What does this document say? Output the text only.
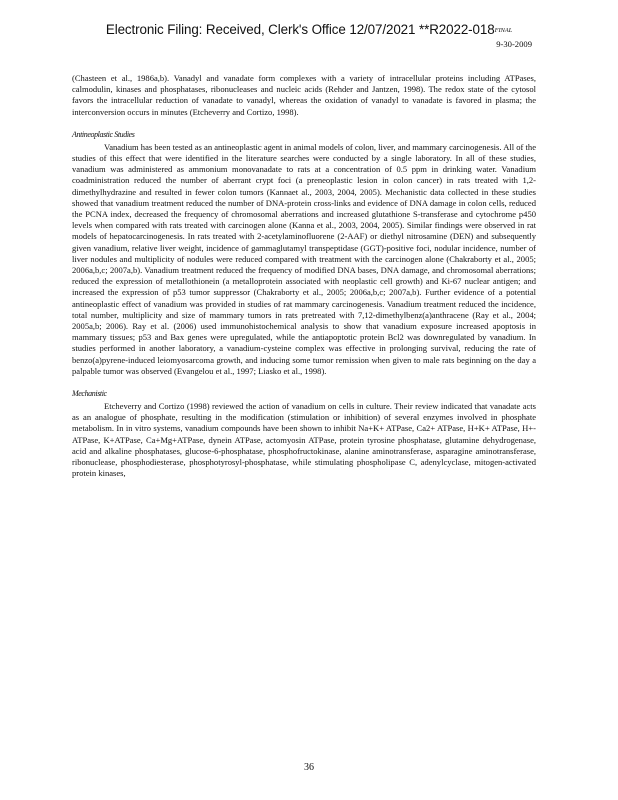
Electronic Filing: Received, Clerk's Office 12/07/2021 $**R2022-018^{FINAL}$
9-30-2009
(Chasteen et al., 1986a,b). Vanadyl and vanadate form complexes with a variety of intracellular proteins including ATPases, calmodulin, kinases and phosphatases, ribonucleases and nucleic acids (Rehder and Jantzen, 1998). The redox state of the cytosol favors the intracellular reduction of vanadate to vanadyl, whereas the oxidation of vanadyl to vanadate is favored in plasma; the interconversion occurs in minutes (Etcheverry and Cortizo, 1998).
Antineoplastic Studies
Vanadium has been tested as an antineoplastic agent in animal models of colon, liver, and mammary carcinogenesis. All of the studies of this effect that were identified in the literature searches were conducted by a single laboratory. In all of these studies, vanadium was administered as ammonium monovanadate to rats at a concentration of 0.5 ppm in drinking water. Vanadium coadministration reduced the number of aberrant crypt foci (a preneoplastic lesion in colon cancer) in rats treated with 1,2-dimethylhydrazine and resulted in fewer colon tumors (Kannaet al., 2003, 2004, 2005). Mechanistic data collected in these studies showed that vanadium treatment reduced the number of DNA-protein cross-links and evidence of DNA damage in colon cells, reduced the PCNA index, decreased the frequency of chromosomal aberrations and increased glutathione S-transferase and cytochrome p450 levels when compared with rats treated with carcinogen alone (Kanna et al., 2003, 2004, 2005). Similar findings were observed in rat models of hepatocarcinogenesis. In rats treated with 2-acetylaminofluorene (2-AAF) or diethyl nitrosamine (DEN) and subsequently given vanadium, relative liver weight, incidence of gammaglutamyl transpeptidase (GGT)-positive foci, nodular incidence, number of liver nodules and multiplicity of nodules were reduced compared with treatment with the carcinogen alone (Chakraborty et al., 2005; 2006a,b,c; 2007a,b). Vanadium treatment reduced the frequency of modified DNA bases, DNA damage, and chromosomal aberrations; reduced the expression of metallothionein (a metalloprotein associated with neoplastic cell growth) and Ki-67 nuclear antigen; and increased the expression of p53 tumor suppressor (Chakraborty et al., 2005; 2006a,b,c; 2007a,b). Further evidence of a potential antineoplastic effect of vanadium was provided in studies of rat mammary carcinogenesis. Vanadium treatment reduced the incidence, total number, multiplicity and size of mammary tumors in rats pretreated with 7,12-dimethylbenz(a)anthracene (Ray et al., 2004; 2005a,b; 2006). Ray et al. (2006) used immunohistochemical analysis to show that vanadium exposure increased apoptosis in mammary tissues; p53 and Bax genes were upregulated, while the antiapoptotic protein Bcl2 was downregulated by vanadium. In studies performed in another laboratory, a vanadium-cysteine complex was effective in prolonging survival, reducing the rate of benzo(a)pyrene-induced leiomyosarcoma growth, and inducing some tumor remission when given to male rats beginning on the day a palpable tumor was observed (Evangelou et al., 1997; Liasko et al., 1998).
Mechanistic
Etcheverry and Cortizo (1998) reviewed the action of vanadium on cells in culture. Their review indicated that vanadate acts as an analogue of phosphate, resulting in the modification (stimulation or inhibition) of several enzymes involved in phosphate metabolism. In in vitro systems, vanadium compounds have been shown to inhibit Na+K+ ATPase, Ca2+ ATPase, H+K+ ATPase, H+-ATPase, K+ATPase, Ca+Mg+ATPase, dynein ATPase, actomyosin ATPase, protein tyrosine phosphatase, glutamine dehydrogenase, acid and alkaline phosphatases, glucose-6-phosphatase, phosphofructokinase, alanine aminotransferase, asparagine aminotransferase, ribonuclease, phosphodiesterase, phosphotyrosyl-phosphatase, while stimulating phospholipase C, adenylcyclase, mitogen-activated protein kinases,
36
